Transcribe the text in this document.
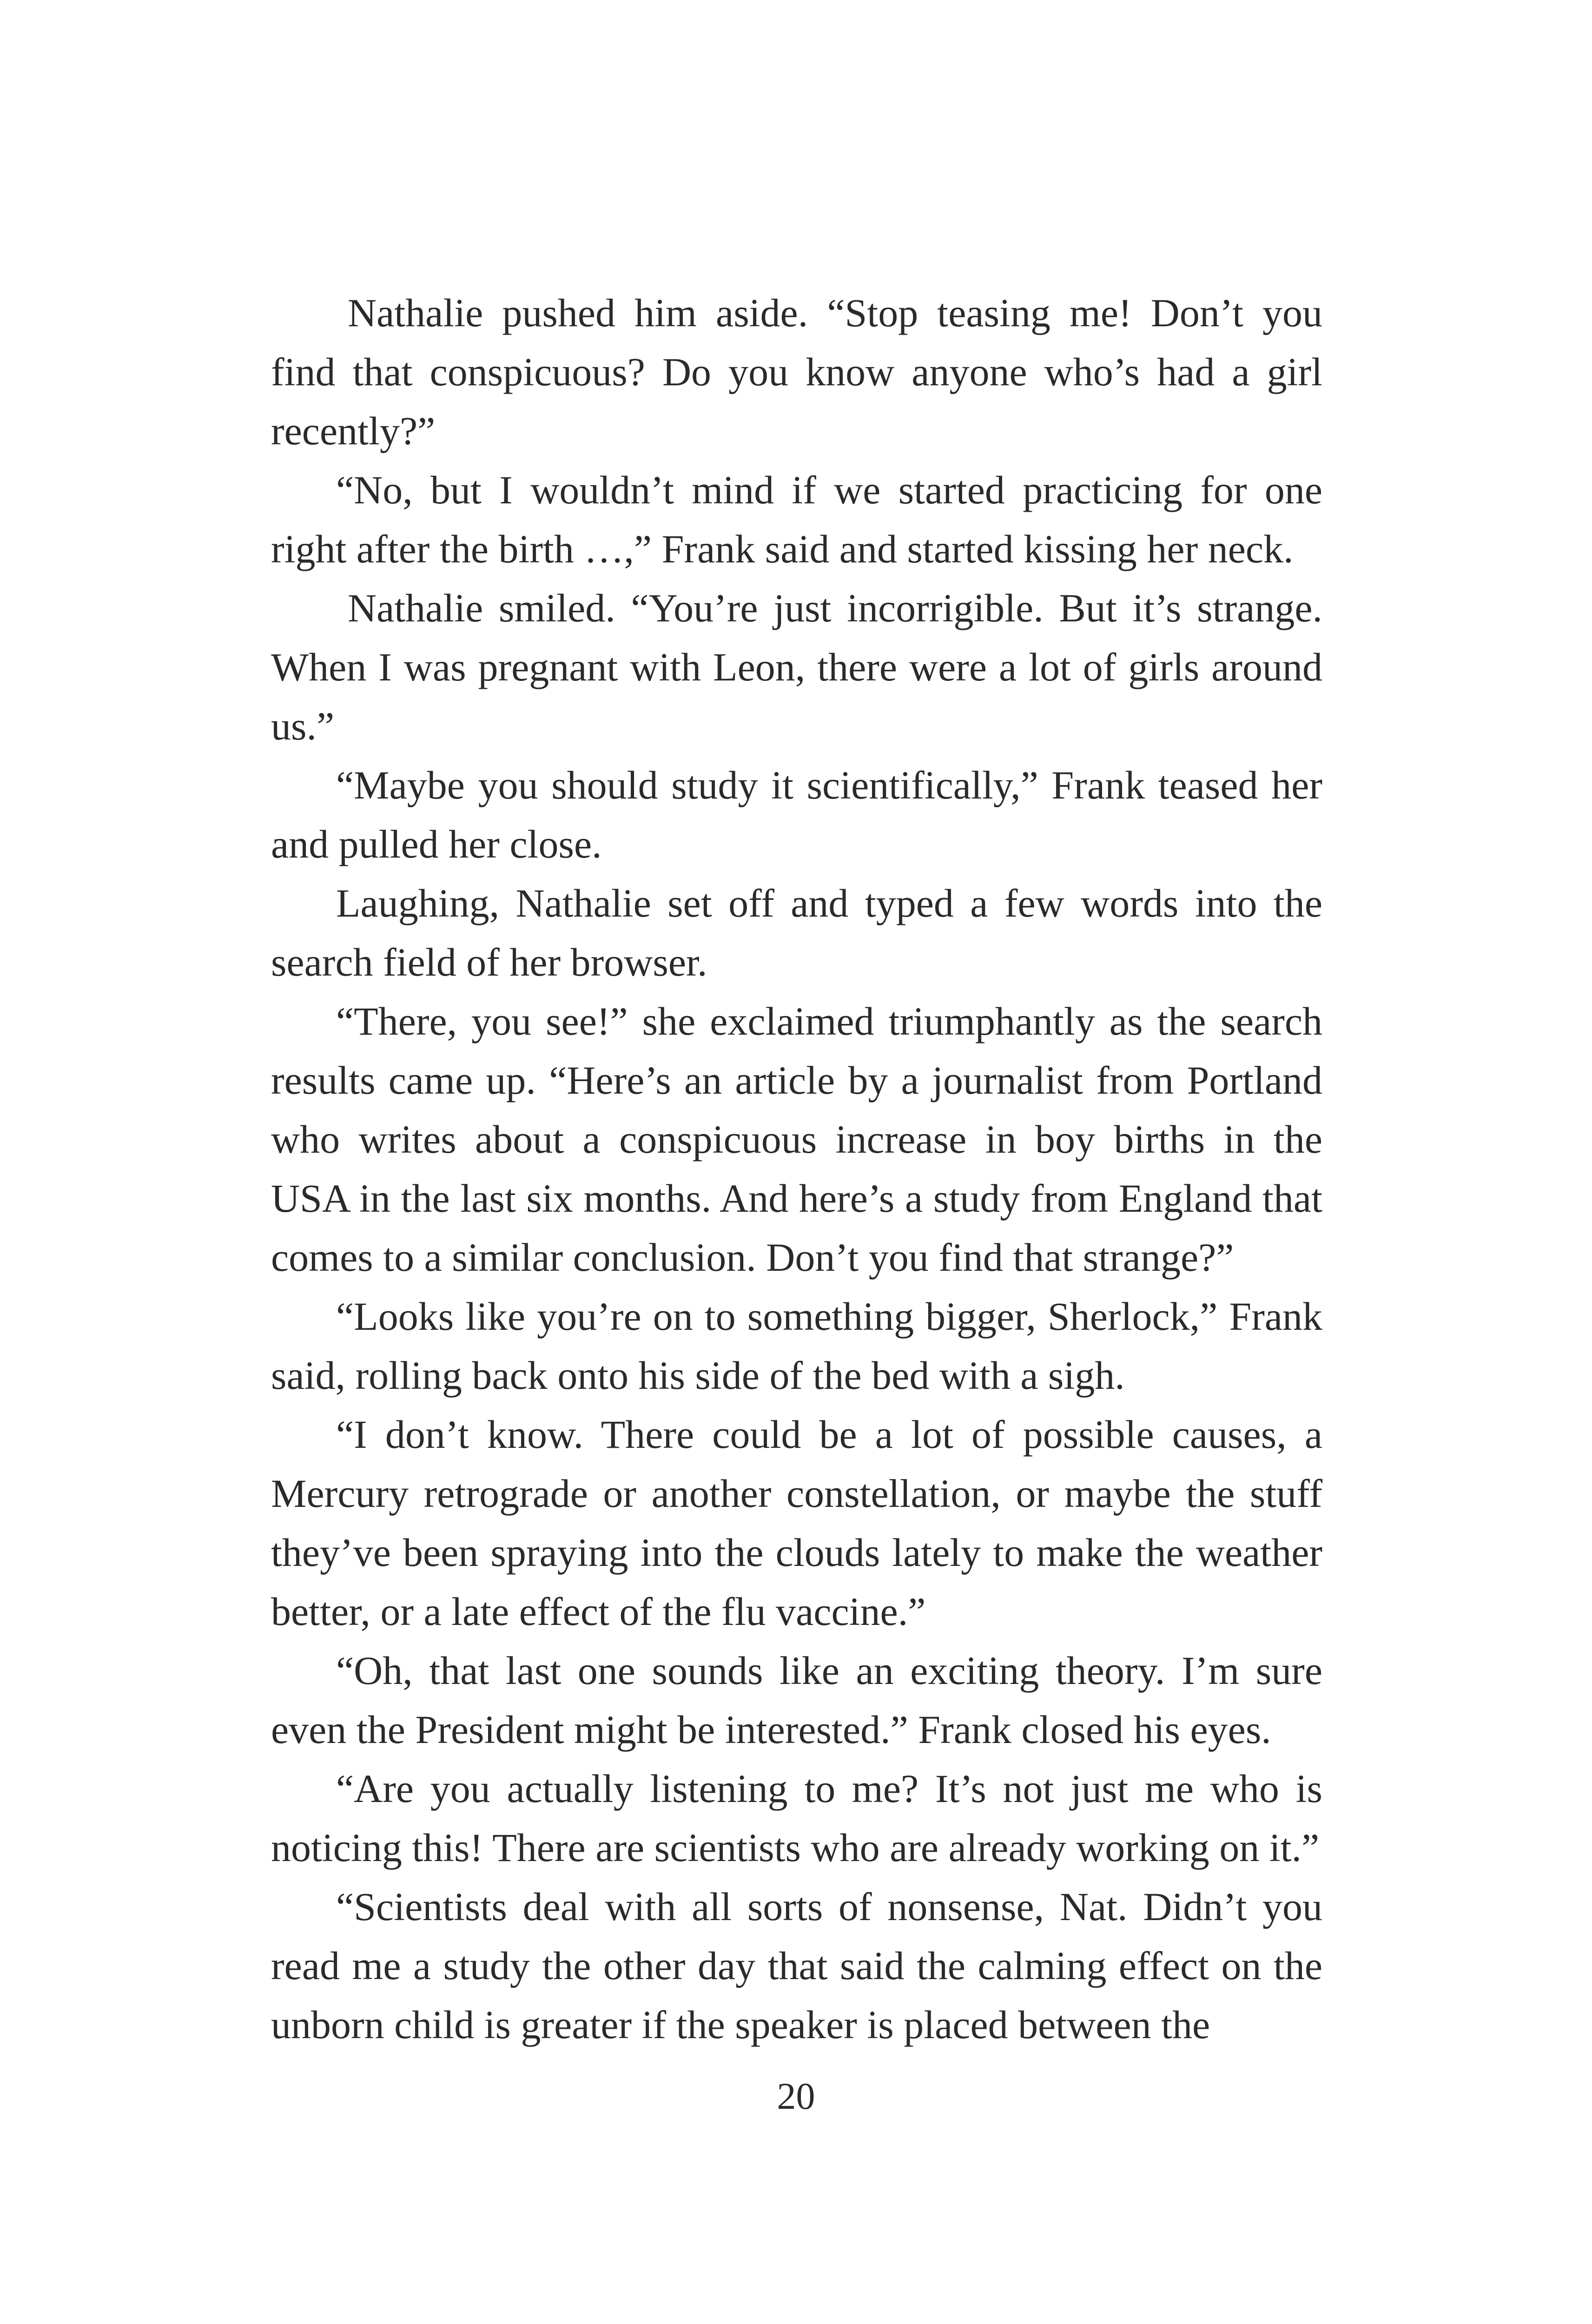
Nathalie pushed him aside. “Stop teasing me! Don’t you find that conspicuous? Do you know anyone who’s had a girl recently?”

“No, but I wouldn’t mind if we started practicing for one right after the birth …,” Frank said and started kissing her neck.

Nathalie smiled. “You’re just incorrigible. But it’s strange. When I was pregnant with Leon, there were a lot of girls around us.”

“Maybe you should study it scientifically,” Frank teased her and pulled her close.

Laughing, Nathalie set off and typed a few words into the search field of her browser.

“There, you see!” she exclaimed triumphantly as the search results came up. “Here’s an article by a journalist from Portland who writes about a conspicuous increase in boy births in the USA in the last six months. And here’s a study from England that comes to a similar conclusion. Don’t you find that strange?”

“Looks like you’re on to something bigger, Sherlock,” Frank said, rolling back onto his side of the bed with a sigh.

“I don’t know. There could be a lot of possible causes, a Mercury retrograde or another constellation, or maybe the stuff they’ve been spraying into the clouds lately to make the weather better, or a late effect of the flu vaccine.”

“Oh, that last one sounds like an exciting theory. I’m sure even the President might be interested.” Frank closed his eyes.

“Are you actually listening to me? It’s not just me who is noticing this! There are scientists who are already working on it.”

“Scientists deal with all sorts of nonsense, Nat. Didn’t you read me a study the other day that said the calming effect on the unborn child is greater if the speaker is placed between the

20
